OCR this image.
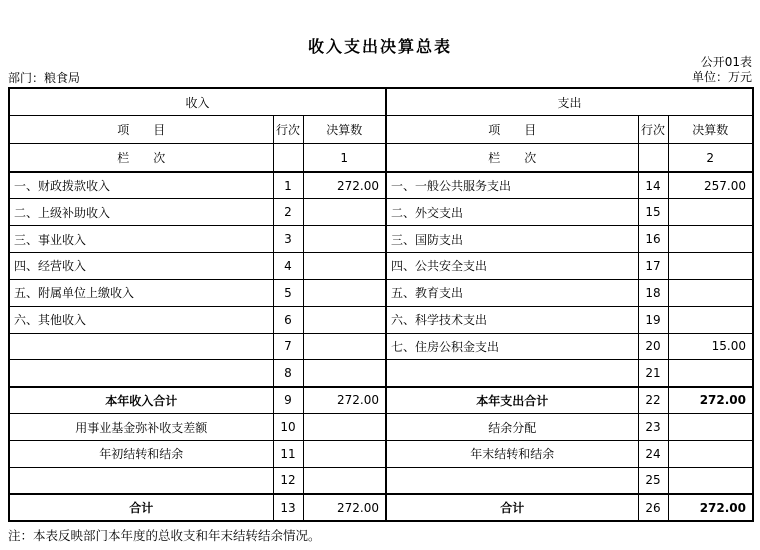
收入支出决算总表
公开01表
部门：粮食局	单位：万元
收入			支出		
项　　目	行次	决算数	项　　目	行次	决算数
栏　　次		1	栏　　次		2
一、财政拨款收入	1	272.00	一、一般公共服务支出	14	257.00
二、上级补助收入	2		二、外交支出	15	
三、事业收入	3		三、国防支出	16	
四、经营收入	4		四、公共安全支出	17	
五、附属单位上缴收入	5		五、教育支出	18	
六、其他收入	6		六、科学技术支出	19	
	7		七、住房公积金支出	20	15.00
	8			21	
本年收入合计	9	272.00	本年支出合计	22	272.00
用事业基金弥补收支差额	10		结余分配	23	
年初结转和结余	11		年末结转和结余	24	
	12			25	
合计	13	272.00	合计	26	272.00
注：本表反映部门本年度的总收支和年末结转结余情况。
